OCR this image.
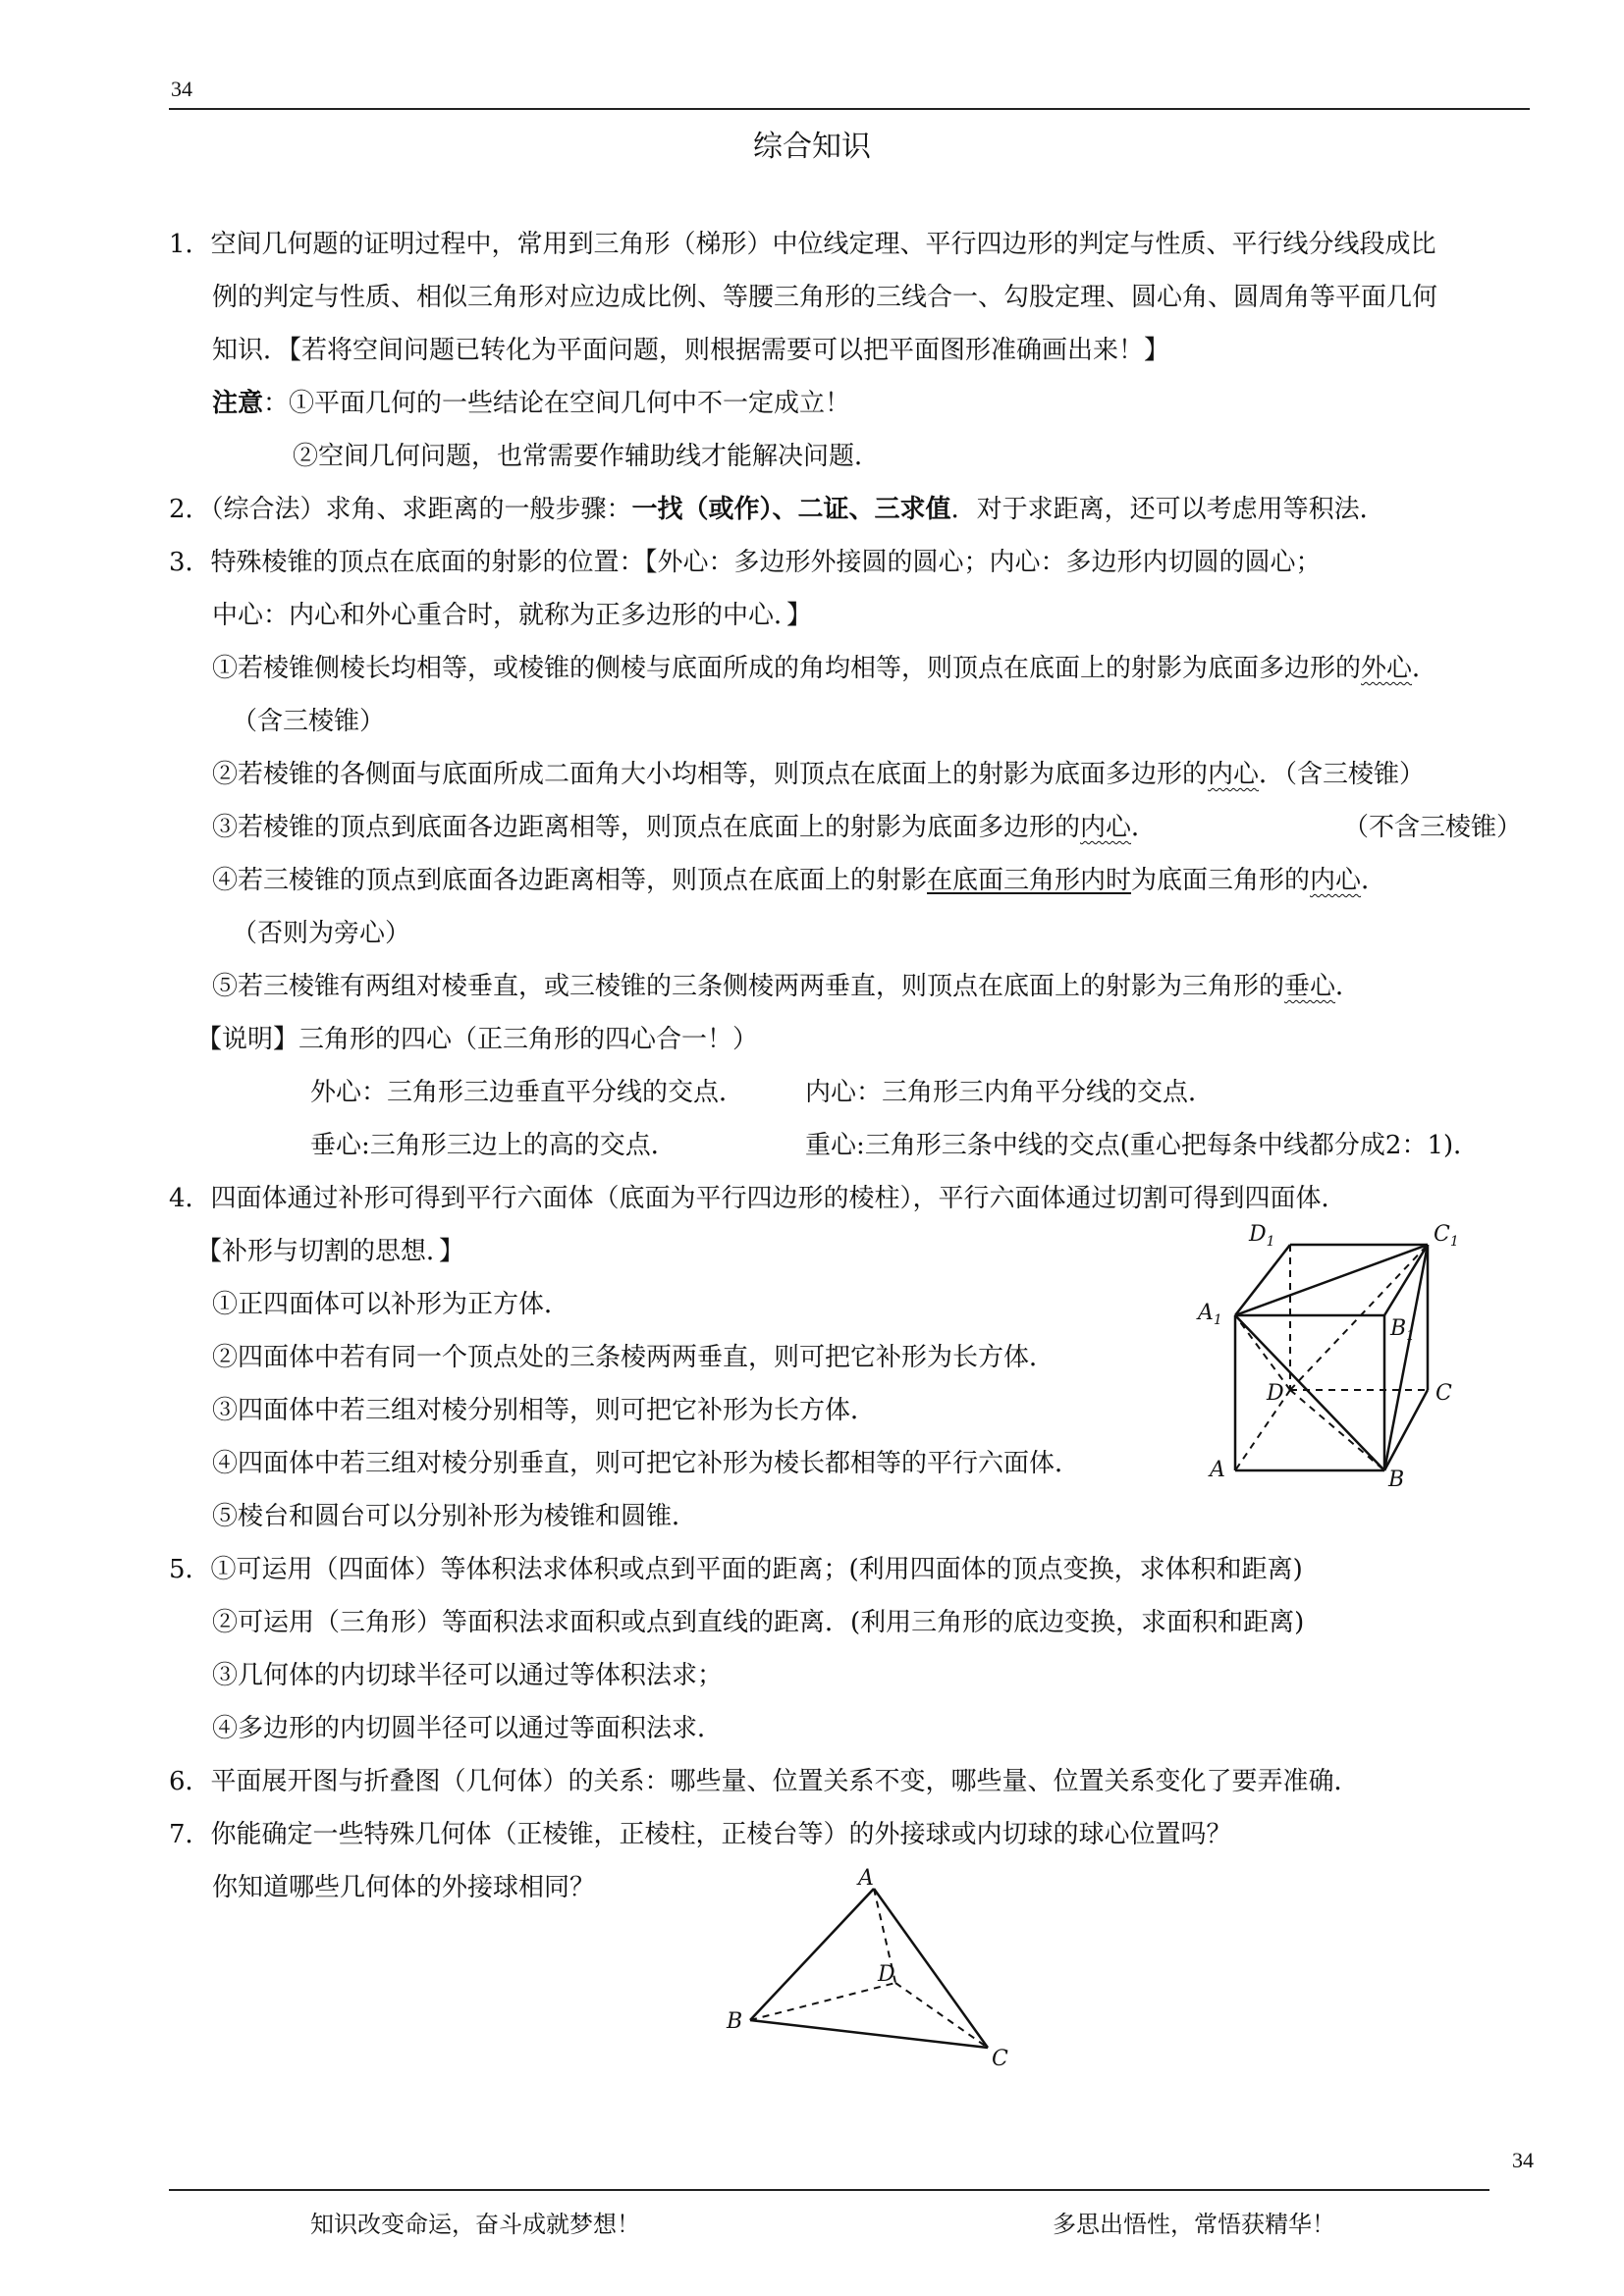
34
综合知识
1．空间几何题的证明过程中，常用到三角形（梯形）中位线定理、平行四边形的判定与性质、平行线分线段成比
例的判定与性质、相似三角形对应边成比例、等腰三角形的三线合一、勾股定理、圆心角、圆周角等平面几何
知识．【若将空间问题已转化为平面问题，则根据需要可以把平面图形准确画出来！】
注意：①平面几何的一些结论在空间几何中不一定成立！
②空间几何问题，也常需要作辅助线才能解决问题．
2．（综合法）求角、求距离的一般步骤：一找（或作）、二证、三求值．对于求距离，还可以考虑用等积法．
3．特殊棱锥的顶点在底面的射影的位置：【外心：多边形外接圆的圆心；内心：多边形内切圆的圆心；
中心：内心和外心重合时，就称为正多边形的中心．】
①若棱锥侧棱长均相等，或棱锥的侧棱与底面所成的角均相等，则顶点在底面上的射影为底面多边形的外心．
（含三棱锥）
②若棱锥的各侧面与底面所成二面角大小均相等，则顶点在底面上的射影为底面多边形的内心．（含三棱锥）
③若棱锥的顶点到底面各边距离相等，则顶点在底面上的射影为底面多边形的内心．	（不含三棱锥）
④若三棱锥的顶点到底面各边距离相等，则顶点在底面上的射影在底面三角形内时为底面三角形的内心．
（否则为旁心）
⑤若三棱锥有两组对棱垂直，或三棱锥的三条侧棱两两垂直，则顶点在底面上的射影为三角形的垂心．
【说明】三角形的四心（正三角形的四心合一！）
外心：三角形三边垂直平分线的交点． 内心：三角形三内角平分线的交点．
垂心:三角形三边上的高的交点．	重心:三角形三条中线的交点(重心把每条中线都分成2：1)．
4．四面体通过补形可得到平行六面体（底面为平行四边形的棱柱），平行六面体通过切割可得到四面体．
【补形与切割的思想．】
①正四面体可以补形为正方体．
②四面体中若有同一个顶点处的三条棱两两垂直，则可把它补形为长方体．
③四面体中若三组对棱分别相等，则可把它补形为长方体．
④四面体中若三组对棱分别垂直，则可把它补形为棱长都相等的平行六面体．
⑤棱台和圆台可以分别补形为棱锥和圆锥．
$D_1$	$C_1$
$A_1$	$B_1$
D	C
A	B
5．①可运用（四面体）等体积法求体积或点到平面的距离；(利用四面体的顶点变换，求体积和距离)
②可运用（三角形）等面积法求面积或点到直线的距离．(利用三角形的底边变换，求面积和距离)
③几何体的内切球半径可以通过等体积法求；
④多边形的内切圆半径可以通过等面积法求．
6．平面展开图与折叠图（几何体）的关系：哪些量、位置关系不变，哪些量、位置关系变化了要弄准确．
7．你能确定一些特殊几何体（正棱锥，正棱柱，正棱台等）的外接球或内切球的球心位置吗？
你知道哪些几何体的外接球相同？	A
B
C
D
34
知识改变命运，奋斗成就梦想！	多思出悟性，常悟获精华！
